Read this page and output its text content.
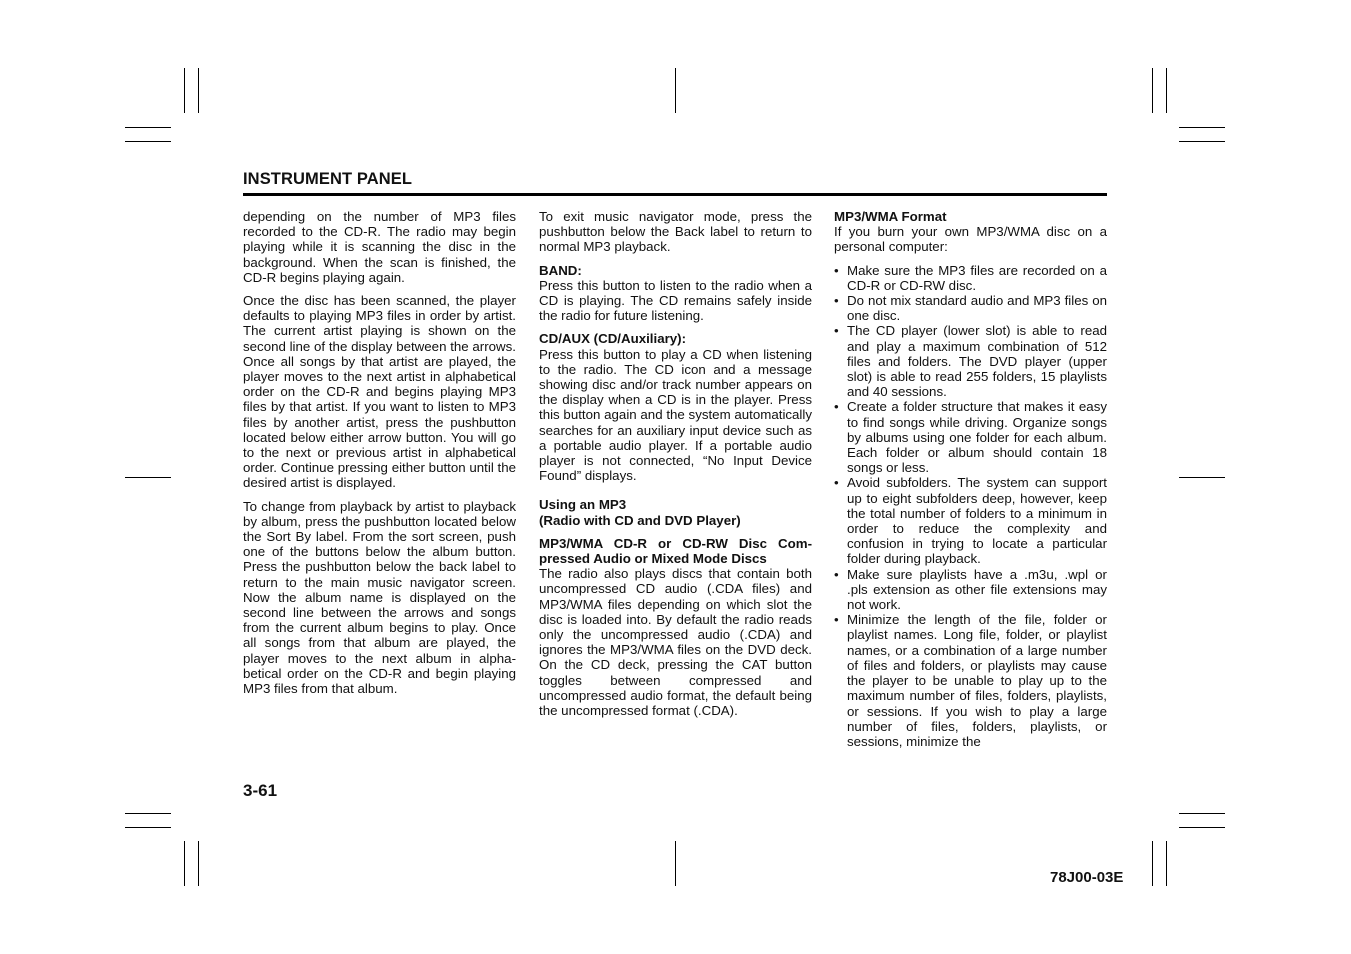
INSTRUMENT PANEL

depending on the number of MP3 files recorded to the CD-R. The radio may begin playing while it is scanning the disc in the background. When the scan is finished, the CD-R begins playing again.

Once the disc has been scanned, the player defaults to playing MP3 files in order by artist. The current artist playing is shown on the second line of the display between the arrows. Once all songs by that artist are played, the player moves to the next artist in alphabetical order on the CD-R and begins playing MP3 files by that artist. If you want to listen to MP3 files by another artist, press the pushbutton located below either arrow button. You will go to the next or previous artist in alphabetical order. Continue pressing either button until the desired artist is displayed.

To change from playback by artist to playback by album, press the pushbutton located below the Sort By label. From the sort screen, push one of the buttons below the album button. Press the pushbutton below the back label to return to the main music navigator screen. Now the album name is displayed on the second line between the arrows and songs from the current album begins to play. Once all songs from that album are played, the player moves to the next album in alphabetical order on the CD-R and begin playing MP3 files from that album.

To exit music navigator mode, press the pushbutton below the Back label to return to normal MP3 playback.

BAND:

Press this button to listen to the radio when a CD is playing. The CD remains safely inside the radio for future listening.

CD/AUX (CD/Auxiliary):

Press this button to play a CD when listening to the radio. The CD icon and a message showing disc and/or track number appears on the display when a CD is in the player. Press this button again and the system automatically searches for an auxiliary input device such as a portable audio player. If a portable audio player is not connected, “No Input Device Found” displays.

Using an MP3
(Radio with CD and DVD Player)
MP3/WMA CD-R or CD-RW Disc Compressed Audio or Mixed Mode Discs

The radio also plays discs that contain both uncompressed CD audio (.CDA files) and MP3/WMA files depending on which slot the disc is loaded into. By default the radio reads only the uncompressed audio (.CDA) and ignores the MP3/WMA files on the DVD deck. On the CD deck, pressing the CAT button toggles between compressed and uncompressed audio format, the default being the uncompressed format (.CDA).

MP3/WMA Format

If you burn your own MP3/WMA disc on a personal computer:

• Make sure the MP3 files are recorded on a CD-R or CD-RW disc.
• Do not mix standard audio and MP3 files on one disc.
• The CD player (lower slot) is able to read and play a maximum combination of 512 files and folders. The DVD player (upper slot) is able to read 255 folders, 15 playlists and 40 sessions.
• Create a folder structure that makes it easy to find songs while driving. Organize songs by albums using one folder for each album. Each folder or album should contain 18 songs or less.
• Avoid subfolders. The system can support up to eight subfolders deep, however, keep the total number of folders to a minimum in order to reduce the complexity and confusion in trying to locate a particular folder during playback.
• Make sure playlists have a .m3u, .wpl or .pls extension as other file extensions may not work.
• Minimize the length of the file, folder or playlist names. Long file, folder, or playlist names, or a combination of a large number of files and folders, or playlists may cause the player to be unable to play up to the maximum number of files, folders, playlists, or sessions. If you wish to play a large number of files, folders, playlists, or sessions, minimize the
3-61
78J00-03E
